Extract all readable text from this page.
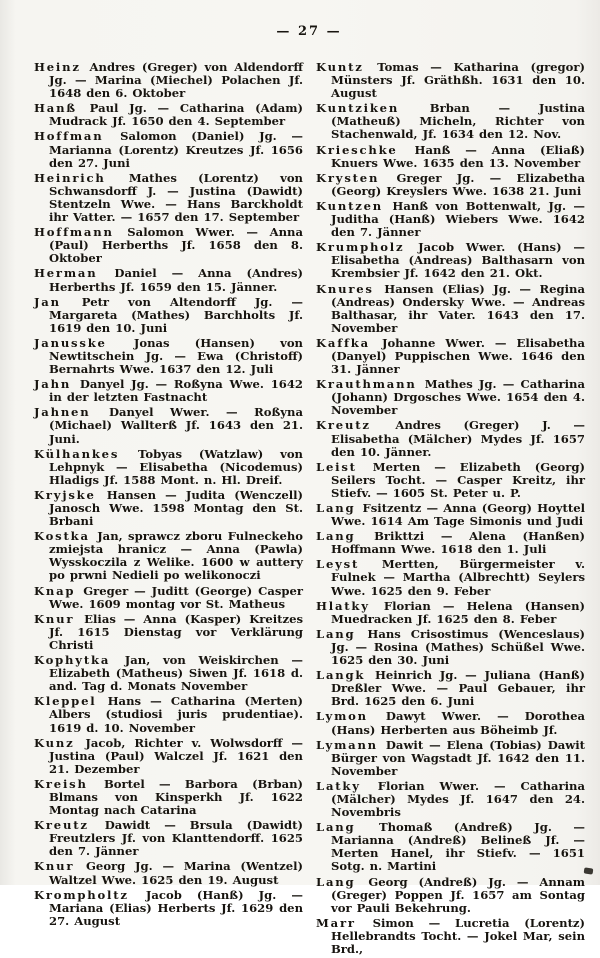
— 27 —

Heinz Andres (Greger) von Aldendorff Jg. — Marina (Miechel) Polachen Jf. 1648 den 6. Oktober

Hanß Paul Jg. — Catharina (Adam) Mudrack Jf. 1650 den 4. September

Hoffman Salomon (Daniel) Jg. — Marianna (Lorentz) Kreutzes Jf. 1656 den 27. Juni

Heinrich Mathes (Lorentz) von Schwansdorff J. — Justina (Dawidt) Stentzeln Wwe. — Hans Barckholdt ihr Vatter. — 1657 den 17. September

Hoffmann Salomon Wwer. — Anna (Paul) Herberths Jf. 1658 den 8. Oktober

Herman Daniel — Anna (Andres) Herberths Jf. 1659 den 15. Jänner.

Jan Petr von Altendorff Jg. — Margareta (Mathes) Barchholts Jf. 1619 den 10. Juni

Janusske Jonas (Hansen) von Newtitschein Jg. — Ewa (Christoff) Bernahrts Wwe. 1637 den 12. Juli

Jahn Danyel Jg. — Roßyna Wwe. 1642 in der letzten Fastnacht

Jahnen Danyel Wwer. — Roßyna (Michael) Wallterß Jf. 1643 den 21. Juni.

Külhankes Tobyas (Watzlaw) von Lehpnyk — Elisabetha (Nicodemus) Hladigs Jf. 1588 Mont. n. Hl. Dreif.

Kryjske Hansen — Judita (Wenczell) Janosch Wwe. 1598 Montag den St. Brbani

Kostka Jan, sprawcz zboru Fulneckeho zmiejsta hranicz — Anna (Pawla) Wysskoczila z Welike. 1600 w auttery po prwni Nedieli po welikonoczi

Knap Greger — Juditt (George) Casper Wwe. 1609 montag vor St. Matheus

Knur Elias — Anna (Kasper) Kreitzes Jf. 1615 Dienstag vor Verklärung Christi

Kophytka Jan, von Weiskirchen — Elizabeth (Matheus) Siwen Jf. 1618 d. and. Tag d. Monats November

Kleppel Hans — Catharina (Merten) Albers (studiosi juris prudentiae). 1619 d. 10. November

Kunz Jacob, Richter v. Wolwsdorff — Justina (Paul) Walczel Jf. 1621 den 21. Dezember

Kreish Bortel — Barbora (Brban) Blmans von Kinsperkh Jf. 1622 Montag nach Catarina

Kreutz Dawidt — Brsula (Dawidt) Freutzlers Jf. von Klanttendorff. 1625 den 7. Jänner

Knur Georg Jg. — Marina (Wentzel) Waltzel Wwe. 1625 den 19. August

Krompholtz Jacob (Hanß) Jg. — Mariana (Elias) Herberts Jf. 1629 den 27. August

Kuntz Tomas — Katharina (gregor) Münsters Jf. Gräthßh. 1631 den 10. August

Kuntziken Brban — Justina (Matheuß) Micheln, Richter von Stachenwald, Jf. 1634 den 12. Nov.

Krieschke Hanß — Anna (Eliaß) Knuers Wwe. 1635 den 13. November

Krysten Greger Jg. — Elizabetha (Georg) Kreyslers Wwe. 1638 21. Juni

Kuntzen Hanß von Bottenwalt, Jg. — Juditha (Hanß) Wiebers Wwe. 1642 den 7. Jänner

Krumpholz Jacob Wwer. (Hans) — Elisabetha (Andreas) Balthasarn von Krembsier Jf. 1642 den 21. Okt.

Knures Hansen (Elias) Jg. — Regina (Andreas) Ondersky Wwe. — Andreas Balthasar, ihr Vater. 1643 den 17. November

Kaffka Johanne Wwer. — Elisabetha (Danyel) Puppischen Wwe. 1646 den 31. Jänner

Krauthmann Mathes Jg. — Catharina (Johann) Drgosches Wwe. 1654 den 4. November

Kreutz Andres (Greger) J. — Elisabetha (Mälcher) Mydes Jf. 1657 den 10. Jänner.

Leist Merten — Elizabeth (Georg) Seilers Tocht. — Casper Kreitz, ihr Stiefv. — 1605 St. Peter u. P.

Lang Fsitzentz — Anna (Georg) Hoyttel Wwe. 1614 Am Tage Simonis und Judi

Lang Brikttzi — Alena (Hanßen) Hoffmann Wwe. 1618 den 1. Juli

Leyst Mertten, Bürgermeister v. Fulnek — Martha (Albrechtt) Seylers Wwe. 1625 den 9. Feber

Hlatky Florian — Helena (Hansen) Muedracken Jf. 1625 den 8. Feber

Lang Hans Crisostimus (Wenceslaus) Jg. — Rosina (Mathes) Schüßel Wwe. 1625 den 30. Juni

Langk Heinrich Jg. — Juliana (Hanß) Dreßler Wwe. — Paul Gebauer, ihr Brd. 1625 den 6. Juni

Lymon Dawyt Wwer. — Dorothea (Hans) Herberten aus Böheimb Jf.

Lymann Dawit — Elena (Tobias) Dawit Bürger von Wagstadt Jf. 1642 den 11. November

Latky Florian Wwer. — Catharina (Mälcher) Mydes Jf. 1647 den 24. Novembris

Lang Thomaß (Andreß) Jg. — Marianna (Andreß) Belineß Jf. — Merten Hanel, ihr Stiefv. — 1651 Sotg. n. Martini

Lang Georg (Andreß) Jg. — Annam (Greger) Poppen Jf. 1657 am Sontag vor Pauli Bekehrung.

Marr Simon — Lucretia (Lorentz) Hellebrandts Tocht. — Jokel Mar, sein Brd.,
